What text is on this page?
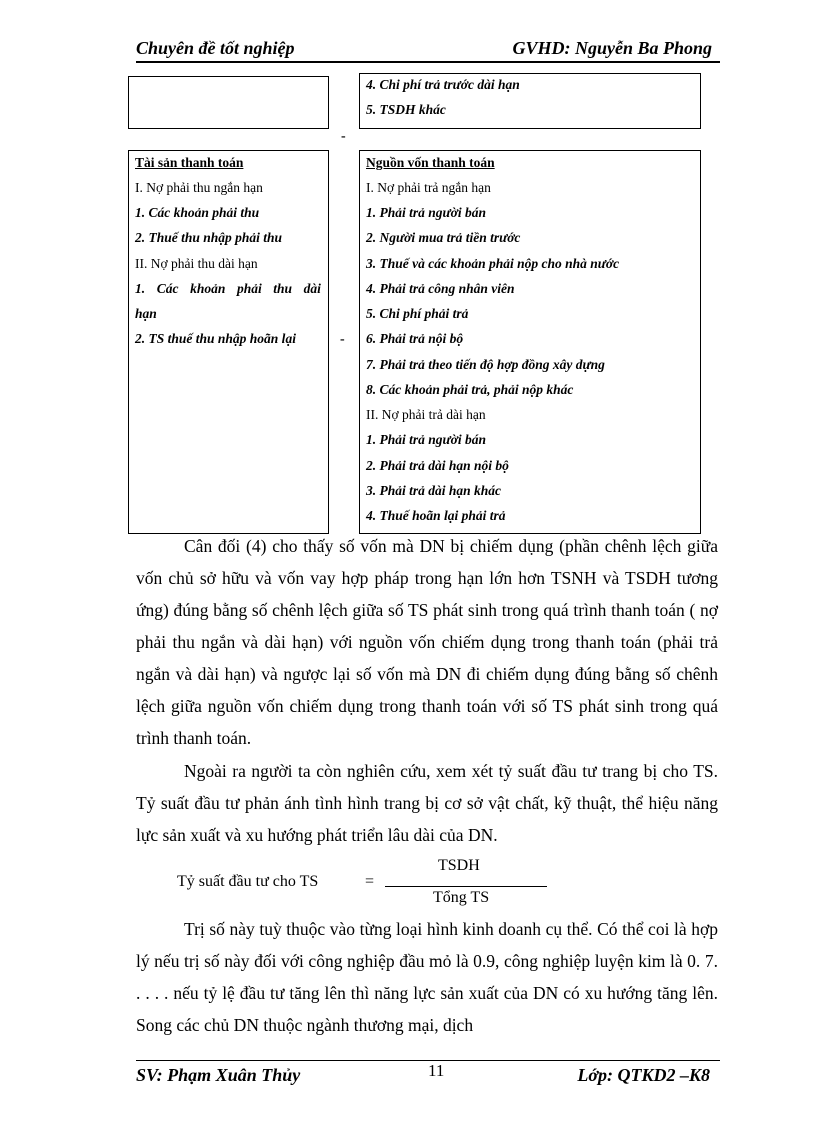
Chuyên đề tốt nghiệp	GVHD: Nguyễn Ba Phong
4. Chi phí trả trước dài hạn
5. TSDH khác
-
Tài sản thanh toán
I. Nợ phải thu ngắn hạn
1. Các khoản phải thu
2. Thuế thu nhập phải thu
II. Nợ phải thu dài hạn
1. Các khoản phải thu dài
hạn
2. TS thuế thu nhập hoãn lại	-
Nguồn vốn thanh toán
I. Nợ phải trả ngắn hạn
1. Phải trả người bán
2. Người mua trả tiền trước
3. Thuế và các khoản phải nộp cho nhà nước
4. Phải trả công nhân viên
5. Chi phí phải trả
6. Phải trả nội bộ
7. Phải trả theo tiến độ hợp đồng xây dựng
8. Các khoản phải trả, phải nộp khác
II. Nợ phải trả dài hạn
1. Phải trả người bán
2. Phải trả dài hạn nội bộ
3. Phải trả dài hạn khác
4. Thuế hoãn lại phải trả
Cân đối (4) cho thấy số vốn mà DN bị chiếm dụng (phần chênh lệch giữa vốn chủ sở hữu và vốn vay hợp pháp trong hạn lớn hơn TSNH và TSDH tương ứng) đúng bằng số chênh lệch giữa số TS phát sinh trong quá trình thanh toán ( nợ phải thu ngắn và dài hạn) với nguồn vốn chiếm dụng trong thanh toán (phải trả ngắn và dài hạn) và ngược lại số vốn mà DN đi chiếm dụng đúng bằng số chênh lệch giữa nguồn vốn chiếm dụng trong thanh toán với số TS phát sinh trong quá trình thanh toán.
Ngoài ra người ta còn nghiên cứu, xem xét tỷ suất đầu tư trang bị cho TS. Tỷ suất đầu tư phản ánh tình hình trang bị cơ sở vật chất, kỹ thuật, thể hiệu năng lực sản xuất và xu hướng phát triển lâu dài của DN.
Tỷ suất đầu tư cho TS	=
TSDH
Tổng TS
Trị số này tuỳ thuộc vào từng loại hình kinh doanh cụ thể. Có thể coi là hợp lý nếu trị số này đối với công nghiệp đầu mỏ là 0.9, công nghiệp luyện kim là 0. 7. . . . . nếu tỷ lệ đầu tư tăng lên thì năng lực sản xuất của DN có xu hướng tăng lên. Song các chủ DN thuộc ngành thương mại, dịch
SV: Phạm Xuân Thủy	11	Lớp: QTKD2 –K8
